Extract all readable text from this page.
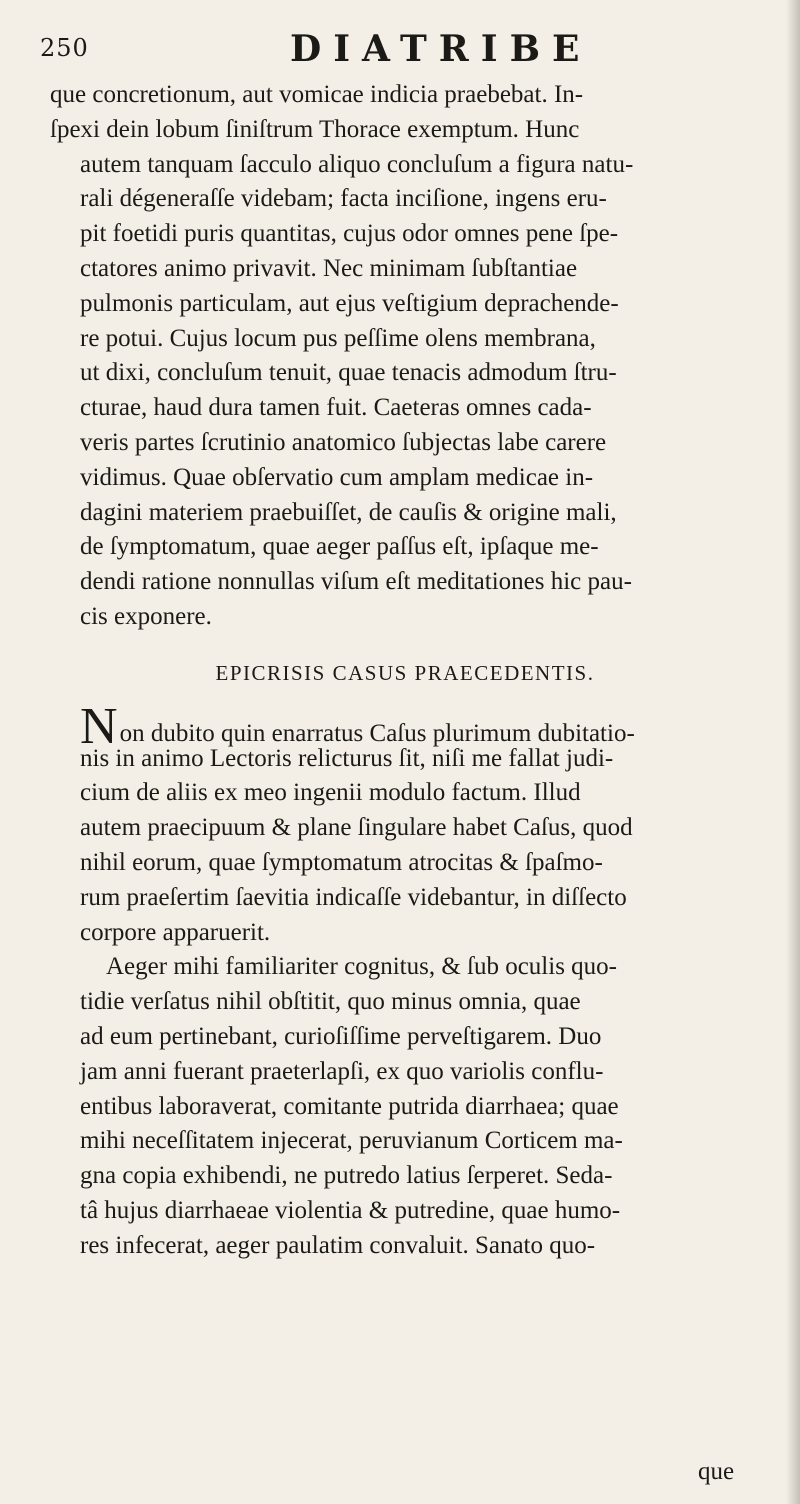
250	DIATRIBE
que concretionum, aut vomicae indicia praebebat. In-
ſpexi dein lobum ſiniſtrum Thorace exemptum. Hunc
autem tanquam ſacculo aliquo concluſum a figura natu-
rali dégeneraſſe videbam; facta inciſione, ingens eru-
pit foetidi puris quantitas, cujus odor omnes pene ſpe-
ctatores animo privavit. Nec minimam ſubſtantiae
pulmonis particulam, aut ejus veſtigium deprachende-
re potui. Cujus locum pus peſſime olens membrana,
ut dixi, concluſum tenuit, quae tenacis admodum ſtru-
cturae, haud dura tamen fuit. Caeteras omnes cada-
veris partes ſcrutinio anatomico ſubjectas labe carere
vidimus. Quae obſervatio cum amplam medicae in-
dagini materiem praebuiſſet, de cauſis & origine mali,
de ſymptomatum, quae aeger paſſus eſt, ipſaque me-
dendi ratione nonnullas viſum eſt meditationes hic pau-
cis exponere.
EPICRISIS CASUS PRAECEDENTIS.
Non dubito quin enarratus Caſus plurimum dubitatio-
nis in animo Lectoris relicturus ſit, niſi me fallat judi-
cium de aliis ex meo ingenii modulo factum. Illud
autem praecipuum & plane ſingulare habet Caſus, quod
nihil eorum, quae ſymptomatum atrocitas & ſpaſmo-
rum praeſertim ſaevitia indicaſſe videbantur, in diſſecto
corpore apparuerit.
Aeger mihi familiariter cognitus, & ſub oculis quo-
tidie verſatus nihil obſtitit, quo minus omnia, quae
ad eum pertinebant, curioſiſſime perveſtigarem. Duo
jam anni fuerant praeterlapſi, ex quo variolis conflu-
entibus laboraverat, comitante putrida diarrhaea; quae
mihi neceſſitatem injecerat, peruvianum Corticem ma-
gna copia exhibendi, ne putredo latius ſerperet. Seda-
tâ hujus diarrhaeae violentia & putredine, quae humo-
res infecerat, aeger paulatim convaluit. Sanato quo-
que
